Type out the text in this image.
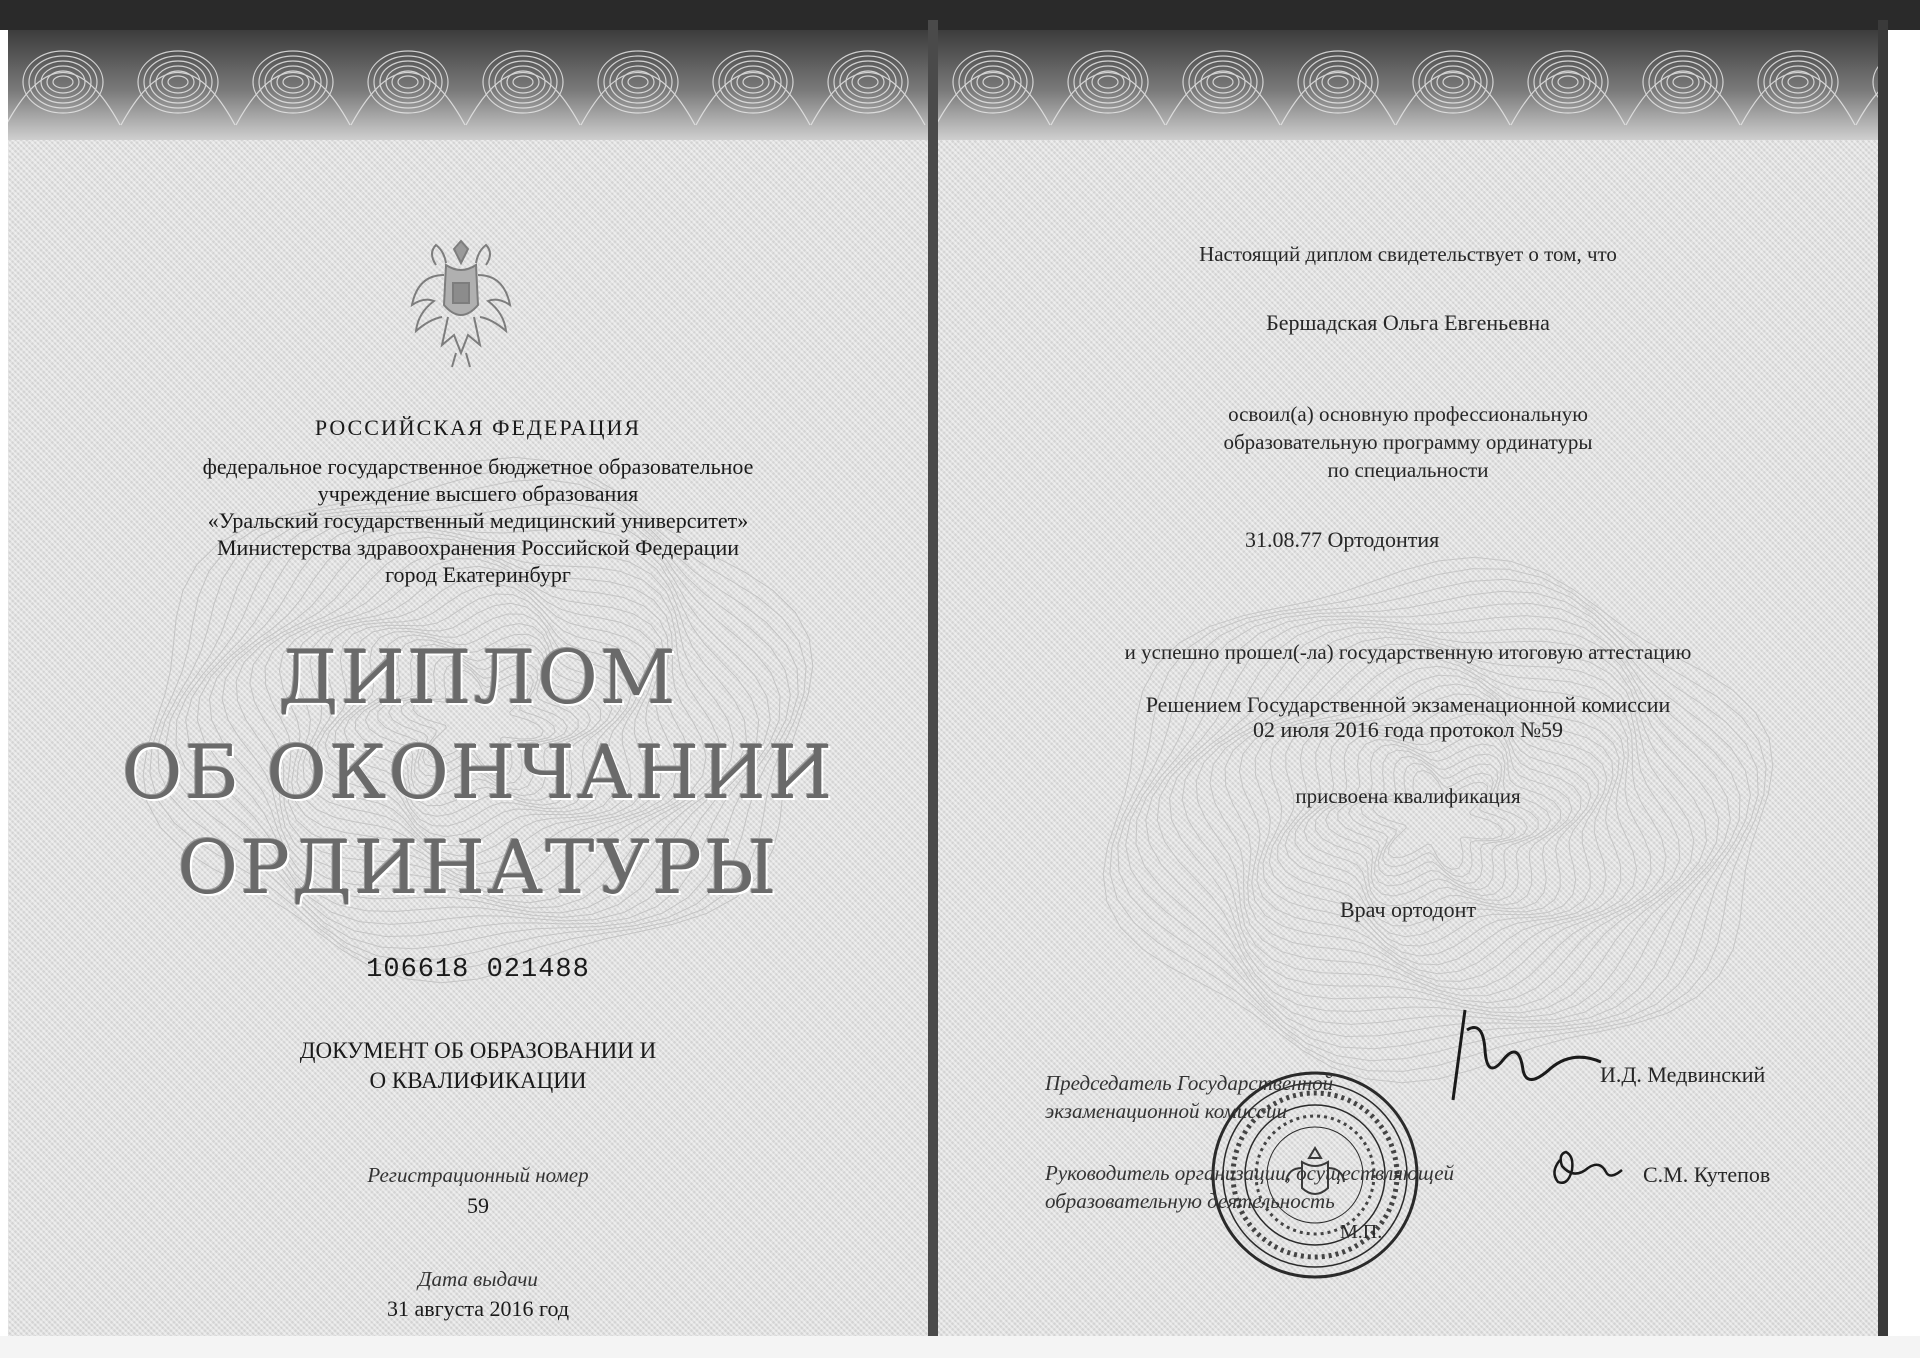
РОССИЙСКАЯ ФЕДЕРАЦИЯ
федеральное государственное бюджетное образовательное
учреждение высшего образования
«Уральский государственный медицинский университет»
Министерства здравоохранения Российской Федерации
город Екатеринбург
ДИПЛОМ
ОБ ОКОНЧАНИИ
ОРДИНАТУРЫ
106618 021488
ДОКУМЕНТ ОБ ОБРАЗОВАНИИ И
О КВАЛИФИКАЦИИ
Регистрационный номер
59
Дата выдачи
31 августа 2016 год
Настоящий диплом свидетельствует о том, что
Бершадская Ольга Евгеньевна
освоил(а) основную профессиональную
образовательную программу ординатуры
по специальности
31.08.77 Ортодонтия
и успешно прошел(-ла) государственную итоговую аттестацию
Решением Государственной экзаменационной комиссии
02 июля 2016 года протокол №59
присвоена квалификация
Врач ортодонт
М.П.
Председатель Государственной
экзаменационной комиссии
И.Д. Медвинский
Руководитель организации, осуществляющей
образовательную деятельность
С.М. Кутепов
